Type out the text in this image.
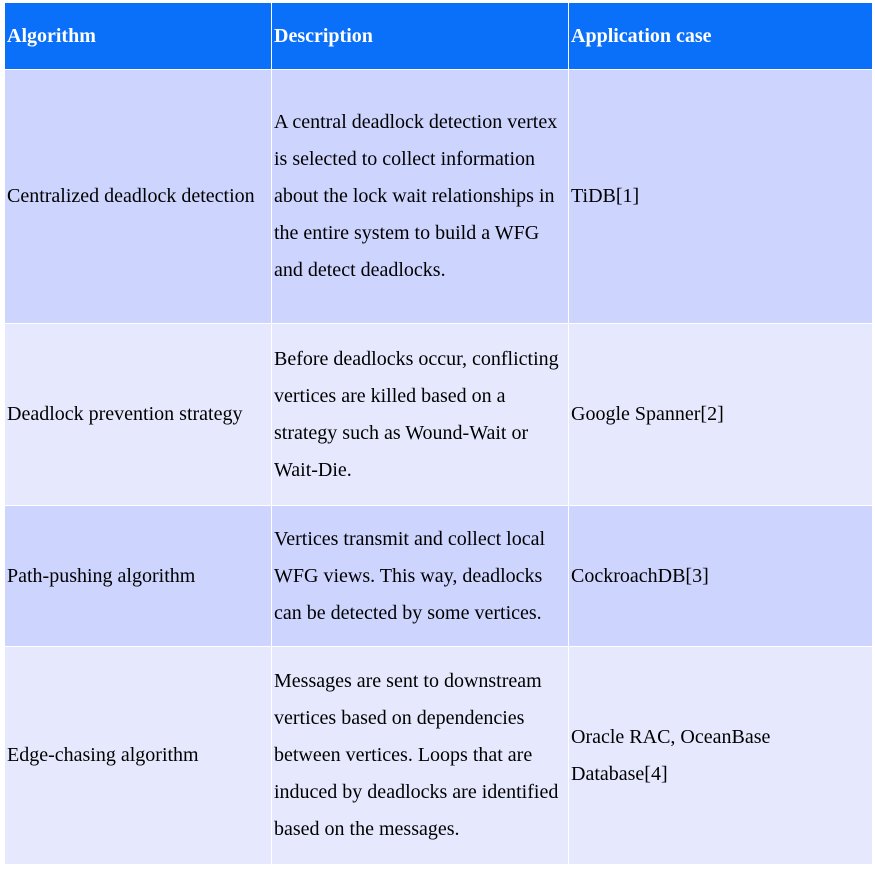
Algorithm	Description	Application case

Centralized deadlock detection	A central deadlock detection vertex is selected to collect information about the lock wait relationships in the entire system to build a WFG and detect deadlocks.	TiDB[1]

Deadlock prevention strategy	Before deadlocks occur, conflicting vertices are killed based on a strategy such as Wound-Wait or Wait-Die.	Google Spanner[2]

Path-pushing algorithm	Vertices transmit and collect local WFG views. This way, deadlocks can be detected by some vertices.	CockroachDB[3]

Edge-chasing algorithm	Messages are sent to downstream vertices based on dependencies between vertices. Loops that are induced by deadlocks are identified based on the messages.	Oracle RAC, OceanBase Database[4]
